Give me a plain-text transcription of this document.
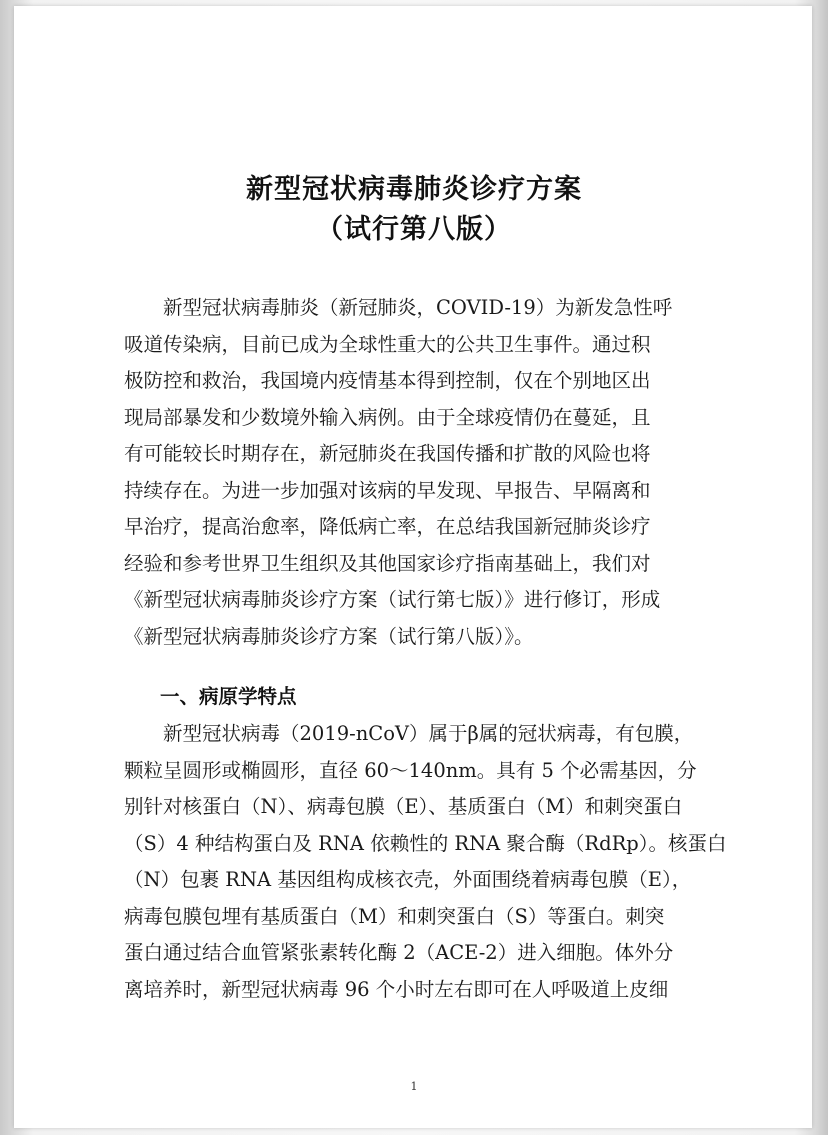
新型冠状病毒肺炎诊疗方案
（试行第八版）
　　新型冠状病毒肺炎（新冠肺炎，COVID-19）为新发急性呼
吸道传染病，目前已成为全球性重大的公共卫生事件。通过积
极防控和救治，我国境内疫情基本得到控制，仅在个别地区出
现局部暴发和少数境外输入病例。由于全球疫情仍在蔓延，且
有可能较长时期存在，新冠肺炎在我国传播和扩散的风险也将
持续存在。为进一步加强对该病的早发现、早报告、早隔离和
早治疗，提高治愈率，降低病亡率，在总结我国新冠肺炎诊疗
经验和参考世界卫生组织及其他国家诊疗指南基础上，我们对
《新型冠状病毒肺炎诊疗方案（试行第七版）》进行修订，形成
《新型冠状病毒肺炎诊疗方案（试行第八版）》。
一、病原学特点
　　新型冠状病毒（2019-nCoV）属于β属的冠状病毒，有包膜，
颗粒呈圆形或椭圆形，直径 60～140nm。具有 5 个必需基因，分
别针对核蛋白（N）、病毒包膜（E）、基质蛋白（M）和刺突蛋白
（S）4 种结构蛋白及 RNA 依赖性的 RNA 聚合酶（RdRp）。核蛋白
（N）包裹 RNA 基因组构成核衣壳，外面围绕着病毒包膜（E），
病毒包膜包埋有基质蛋白（M）和刺突蛋白（S）等蛋白。刺突
蛋白通过结合血管紧张素转化酶 2（ACE-2）进入细胞。体外分
离培养时，新型冠状病毒 96 个小时左右即可在人呼吸道上皮细
1
